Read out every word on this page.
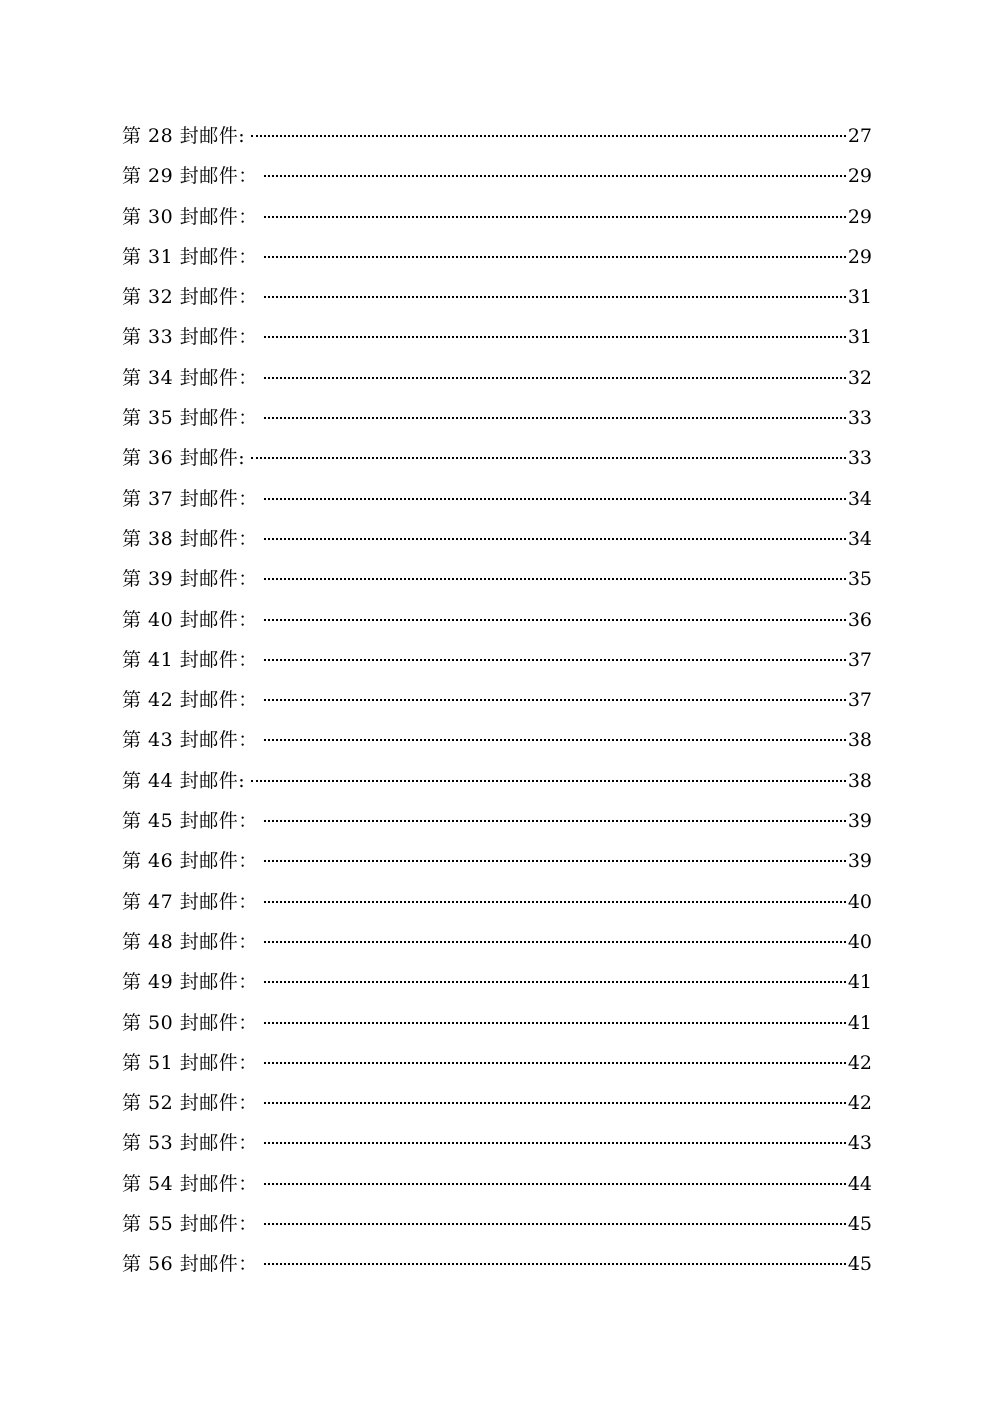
第 28 封邮件:	27
第 29 封邮件：	29
第 30 封邮件：	29
第 31 封邮件：	29
第 32 封邮件：	31
第 33 封邮件：	31
第 34 封邮件：	32
第 35 封邮件：	33
第 36 封邮件:	33
第 37 封邮件：	34
第 38 封邮件：	34
第 39 封邮件：	35
第 40 封邮件：	36
第 41 封邮件：	37
第 42 封邮件：	37
第 43 封邮件：	38
第 44 封邮件:	38
第 45 封邮件：	39
第 46 封邮件：	39
第 47 封邮件：	40
第 48 封邮件：	40
第 49 封邮件：	41
第 50 封邮件：	41
第 51 封邮件：	42
第 52 封邮件：	42
第 53 封邮件：	43
第 54 封邮件：	44
第 55 封邮件：	45
第 56 封邮件：	45
